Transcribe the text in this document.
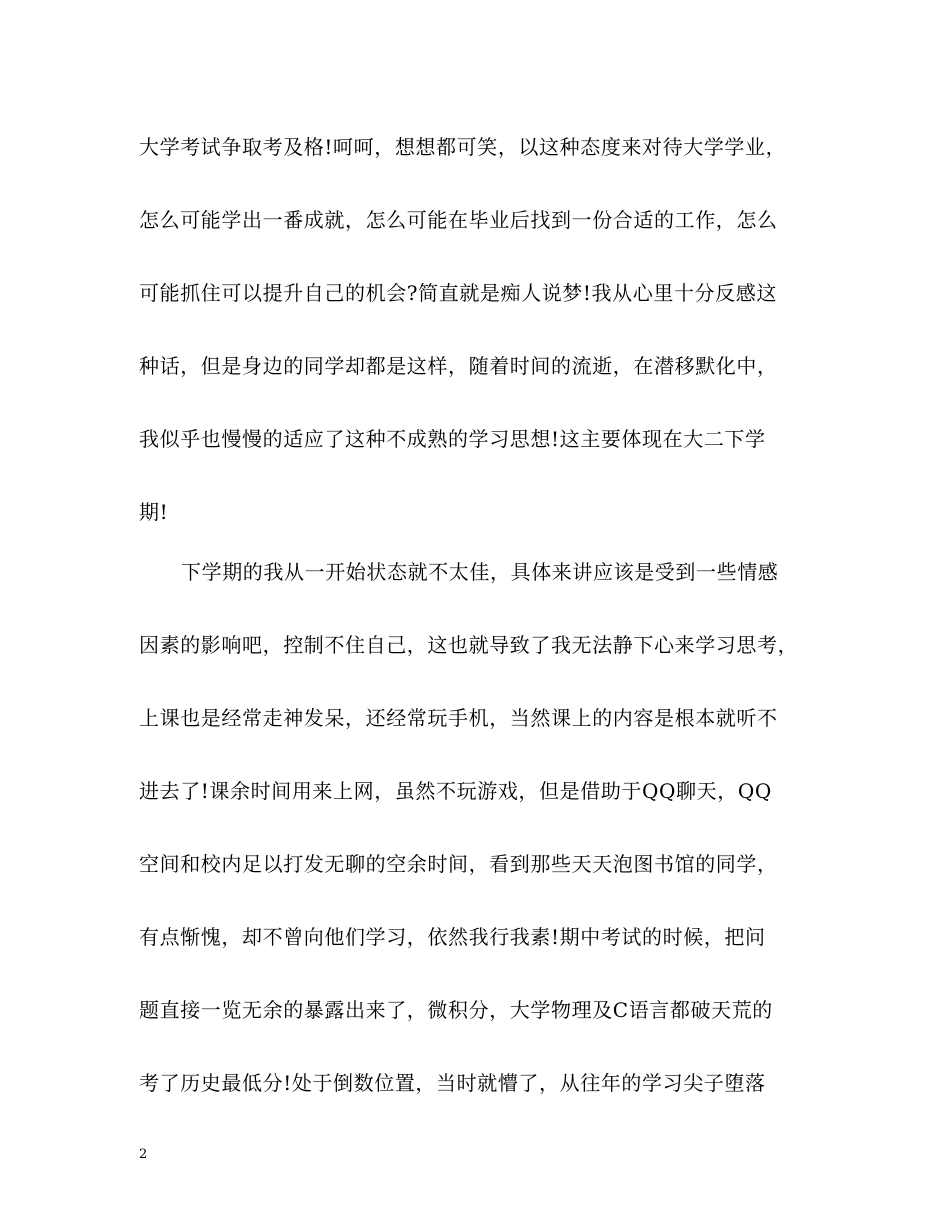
大学考试争取考及格!呵呵，想想都可笑，以这种态度来对待大学学业，
怎么可能学出一番成就，怎么可能在毕业后找到一份合适的工作，怎么
可能抓住可以提升自己的机会?简直就是痴人说梦!我从心里十分反感这
种话，但是身边的同学却都是这样，随着时间的流逝，在潜移默化中，
我似乎也慢慢的适应了这种不成熟的学习思想!这主要体现在大二下学
期!
下学期的我从一开始状态就不太佳，具体来讲应该是受到一些情感
因素的影响吧，控制不住自己，这也就导致了我无法静下心来学习思考，
上课也是经常走神发呆，还经常玩手机，当然课上的内容是根本就听不
进去了!课余时间用来上网，虽然不玩游戏，但是借助于QQ聊天，QQ
空间和校内足以打发无聊的空余时间，看到那些天天泡图书馆的同学，
有点惭愧，却不曾向他们学习，依然我行我素!期中考试的时候，把问
题直接一览无余的暴露出来了，微积分，大学物理及C语言都破天荒的
考了历史最低分!处于倒数位置，当时就懵了，从往年的学习尖子堕落
2
